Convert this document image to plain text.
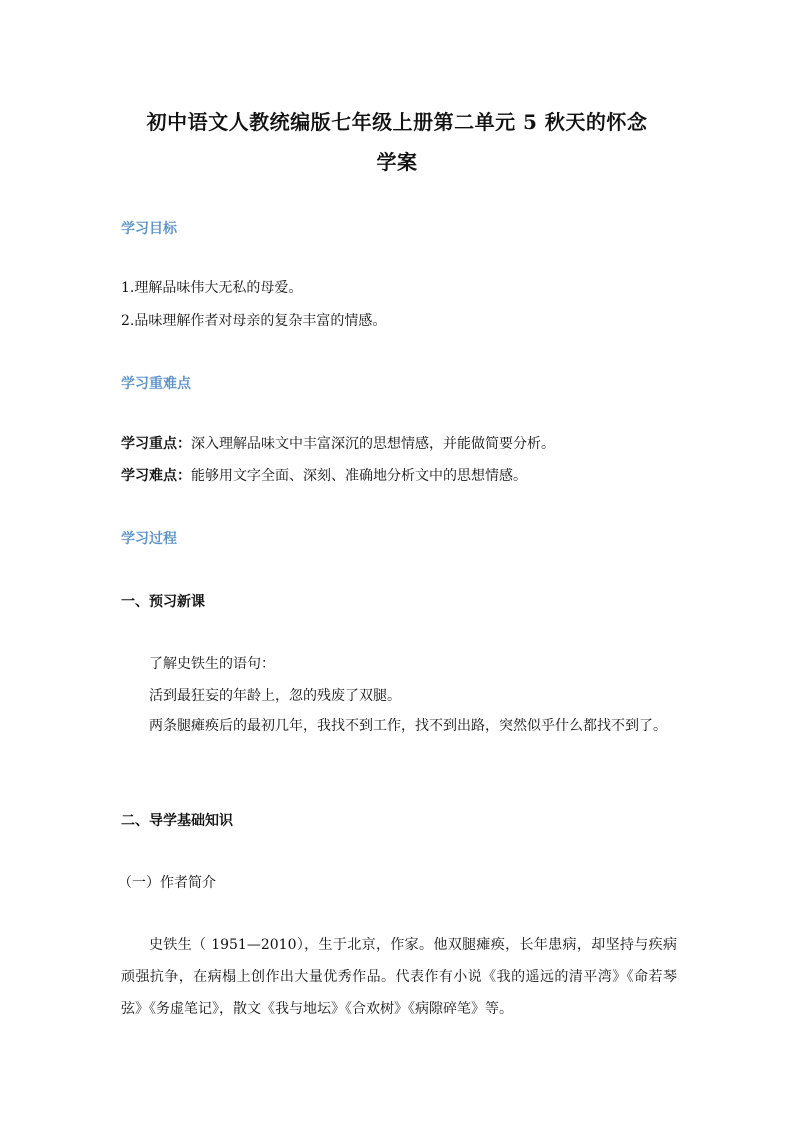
初中语文人教统编版七年级上册第二单元 5 秋天的怀念
学案
学习目标
1.理解品味伟大无私的母爱。
2.品味理解作者对母亲的复杂丰富的情感。
学习重难点
学习重点：深入理解品味文中丰富深沉的思想情感，并能做简要分析。
学习难点：能够用文字全面、深刻、准确地分析文中的思想情感。
学习过程
一、预习新课
了解史铁生的语句：
活到最狂妄的年龄上，忽的残废了双腿。
两条腿瘫痪后的最初几年，我找不到工作，找不到出路，突然似乎什么都找不到了。
二、导学基础知识
（一）作者简介
史铁生（ 1951—2010），生于北京，作家。他双腿瘫痪，长年患病，却坚持与疾病顽强抗争，在病榻上创作出大量优秀作品。代表作有小说《我的遥远的清平湾》《命若琴弦》《务虚笔记》，散文《我与地坛》《合欢树》《病隙碎笔》等。
